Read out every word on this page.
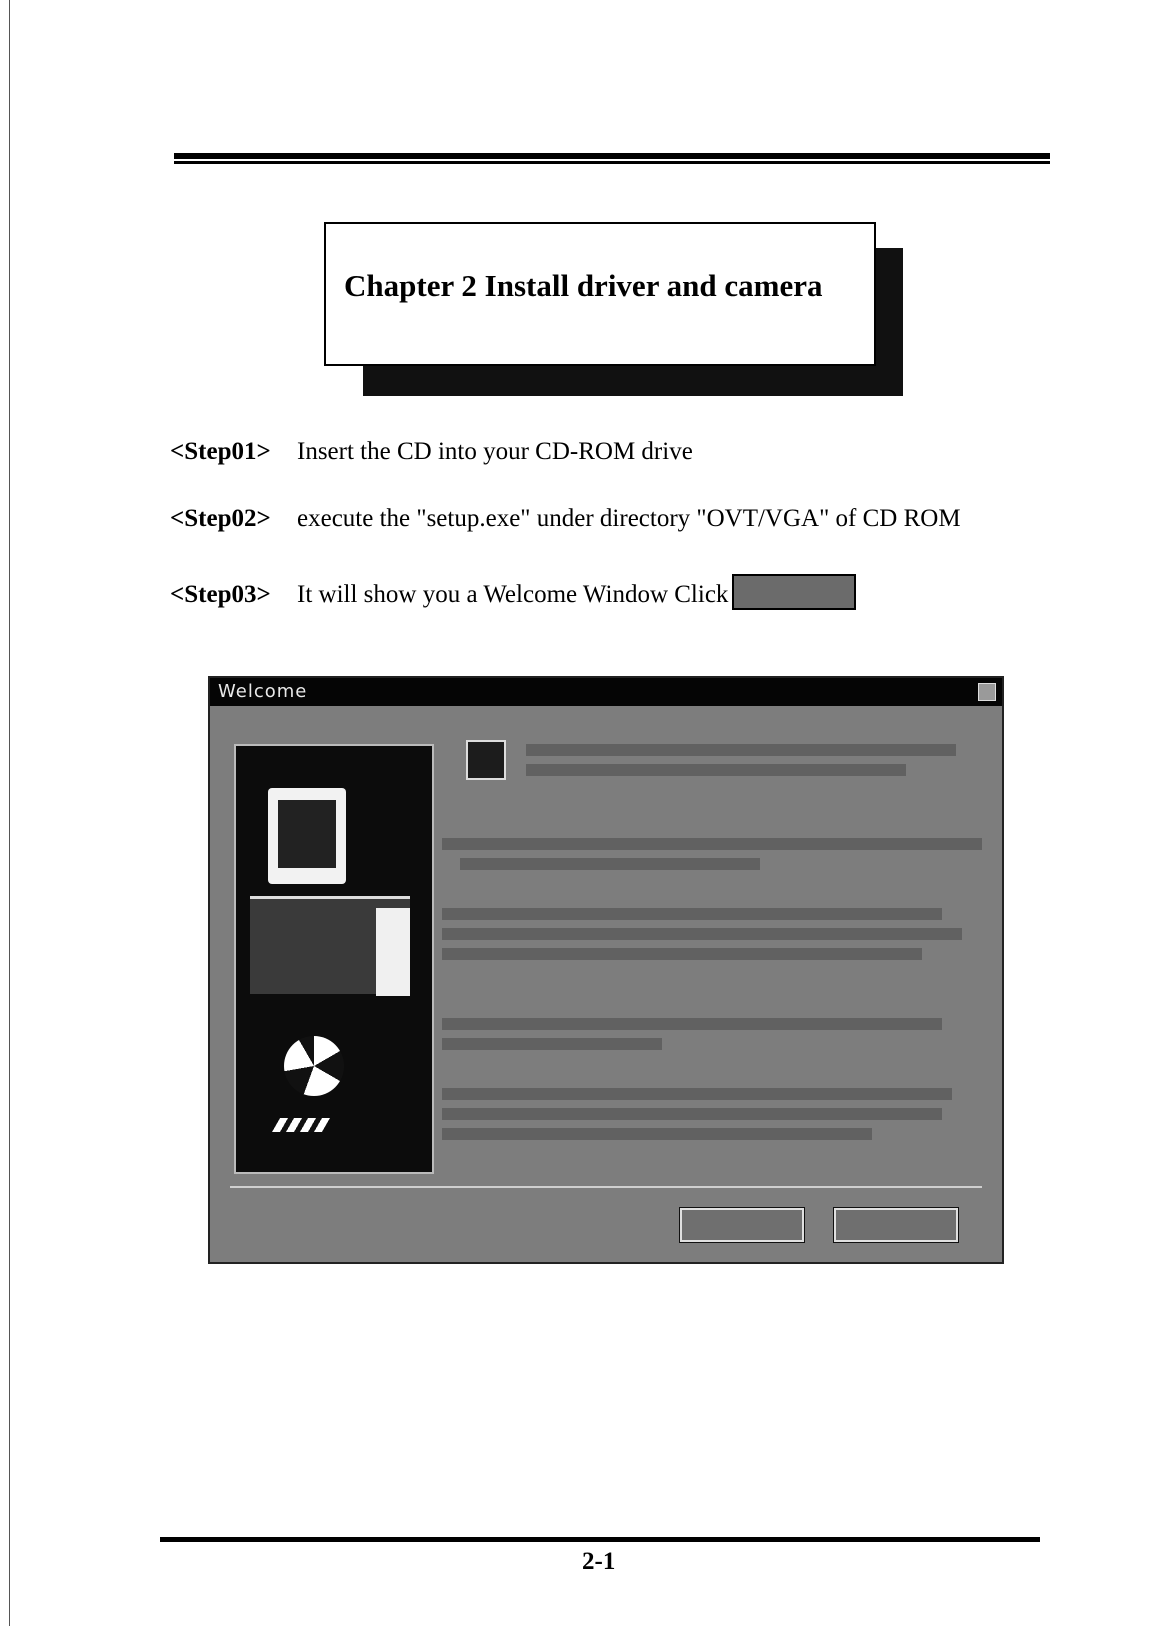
Chapter 2 Install driver and camera
<Step01> Insert the CD into your CD-ROM drive
<Step02> execute the "setup.exe" under directory "OVT/VGA" of CD ROM
<Step03> It will show you a Welcome Window Click
Welcome
2-1
